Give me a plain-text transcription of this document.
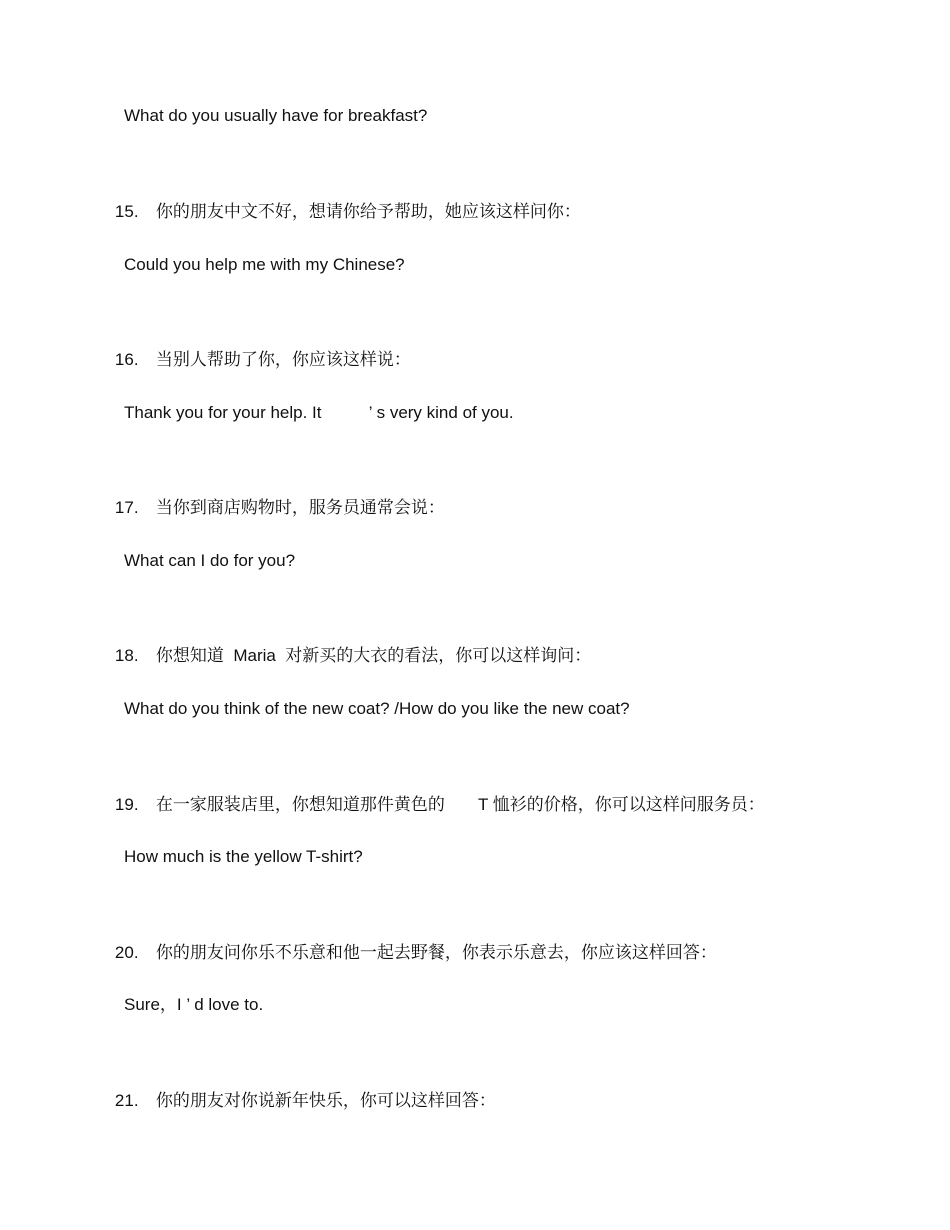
What do you usually have for breakfast?

15. 你的朋友中文不好，想请你给予帮助，她应该这样问你：

Could you help me with my Chinese?

16. 当别人帮助了你，你应该这样说：

Thank you for your help. It          ’ s very kind of you.

17. 当你到商店购物时，服务员通常会说：

What can I do for you?

18. 你想知道  Maria  对新买的大衣的看法，你可以这样询问：

What do you think of the new coat? /How do you like the new coat?

19. 在一家服装店里，你想知道那件黄色的       T 恤衫的价格，你可以这样问服务员：

How much is the yellow T-shirt?

20. 你的朋友问你乐不乐意和他一起去野餐，你表示乐意去，你应该这样回答：

Sure，I ’ d love to.

21. 你的朋友对你说新年快乐，你可以这样回答：
